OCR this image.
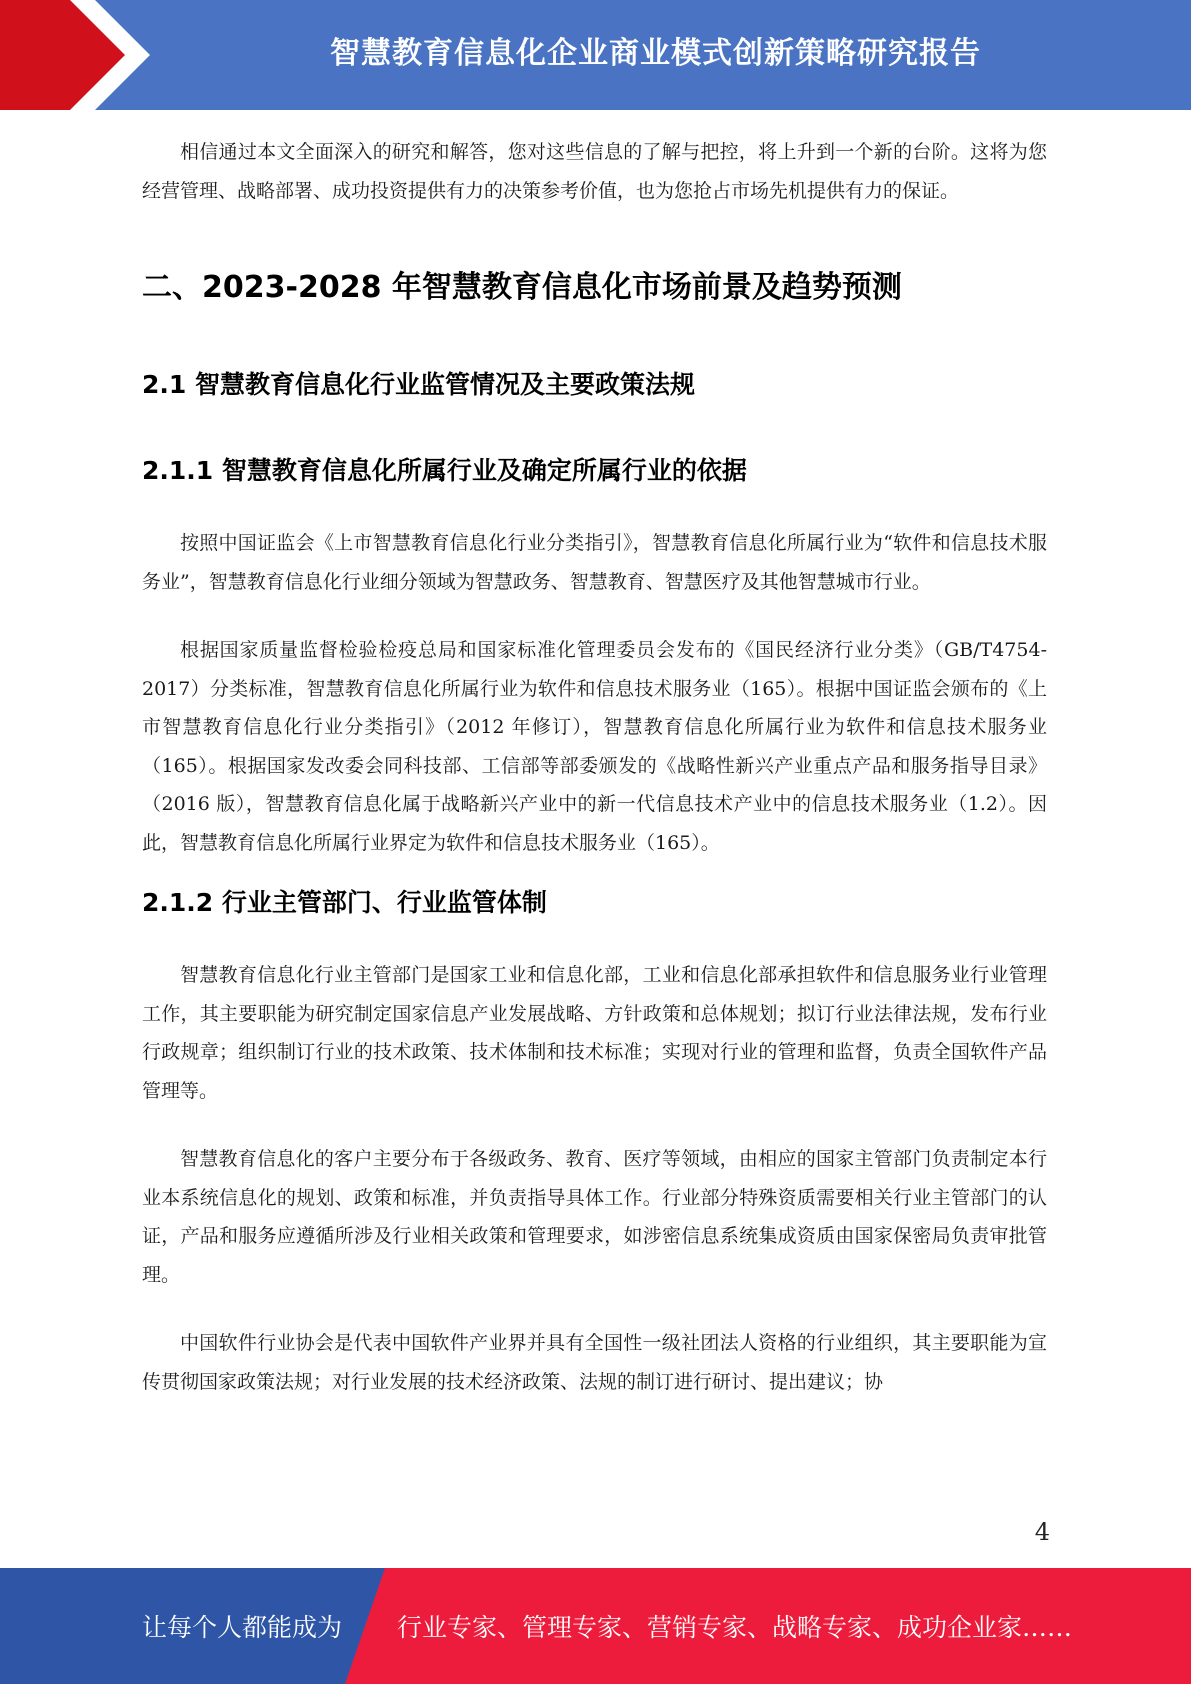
智慧教育信息化企业商业模式创新策略研究报告

相信通过本文全面深入的研究和解答，您对这些信息的了解与把控，将上升到一个新的台阶。这将为您经营管理、战略部署、成功投资提供有力的决策参考价值，也为您抢占市场先机提供有力的保证。

二、2023-2028 年智慧教育信息化市场前景及趋势预测
2.1 智慧教育信息化行业监管情况及主要政策法规
2.1.1 智慧教育信息化所属行业及确定所属行业的依据

按照中国证监会《上市智慧教育信息化行业分类指引》，智慧教育信息化所属行业为“软件和信息技术服务业”，智慧教育信息化行业细分领域为智慧政务、智慧教育、智慧医疗及其他智慧城市行业。

根据国家质量监督检验检疫总局和国家标准化管理委员会发布的《国民经济行业分类》（GB/T4754-2017）分类标准，智慧教育信息化所属行业为软件和信息技术服务业（165）。根据中国证监会颁布的《上市智慧教育信息化行业分类指引》（2012 年修订），智慧教育信息化所属行业为软件和信息技术服务业（165）。根据国家发改委会同科技部、工信部等部委颁发的《战略性新兴产业重点产品和服务指导目录》（2016 版），智慧教育信息化属于战略新兴产业中的新一代信息技术产业中的信息技术服务业（1.2）。因此，智慧教育信息化所属行业界定为软件和信息技术服务业（165）。

2.1.2 行业主管部门、行业监管体制

智慧教育信息化行业主管部门是国家工业和信息化部，工业和信息化部承担软件和信息服务业行业管理工作，其主要职能为研究制定国家信息产业发展战略、方针政策和总体规划；拟订行业法律法规，发布行业行政规章；组织制订行业的技术政策、技术体制和技术标准；实现对行业的管理和监督，负责全国软件产品管理等。

智慧教育信息化的客户主要分布于各级政务、教育、医疗等领域，由相应的国家主管部门负责制定本行业本系统信息化的规划、政策和标准，并负责指导具体工作。行业部分特殊资质需要相关行业主管部门的认证，产品和服务应遵循所涉及行业相关政策和管理要求，如涉密信息系统集成资质由国家保密局负责审批管理。

中国软件行业协会是代表中国软件产业界并具有全国性一级社团法人资格的行业组织，其主要职能为宣传贯彻国家政策法规；对行业发展的技术经济政策、法规的制订进行研讨、提出建议；协

4
让每个人都能成为 行业专家、管理专家、营销专家、战略专家、成功企业家……
